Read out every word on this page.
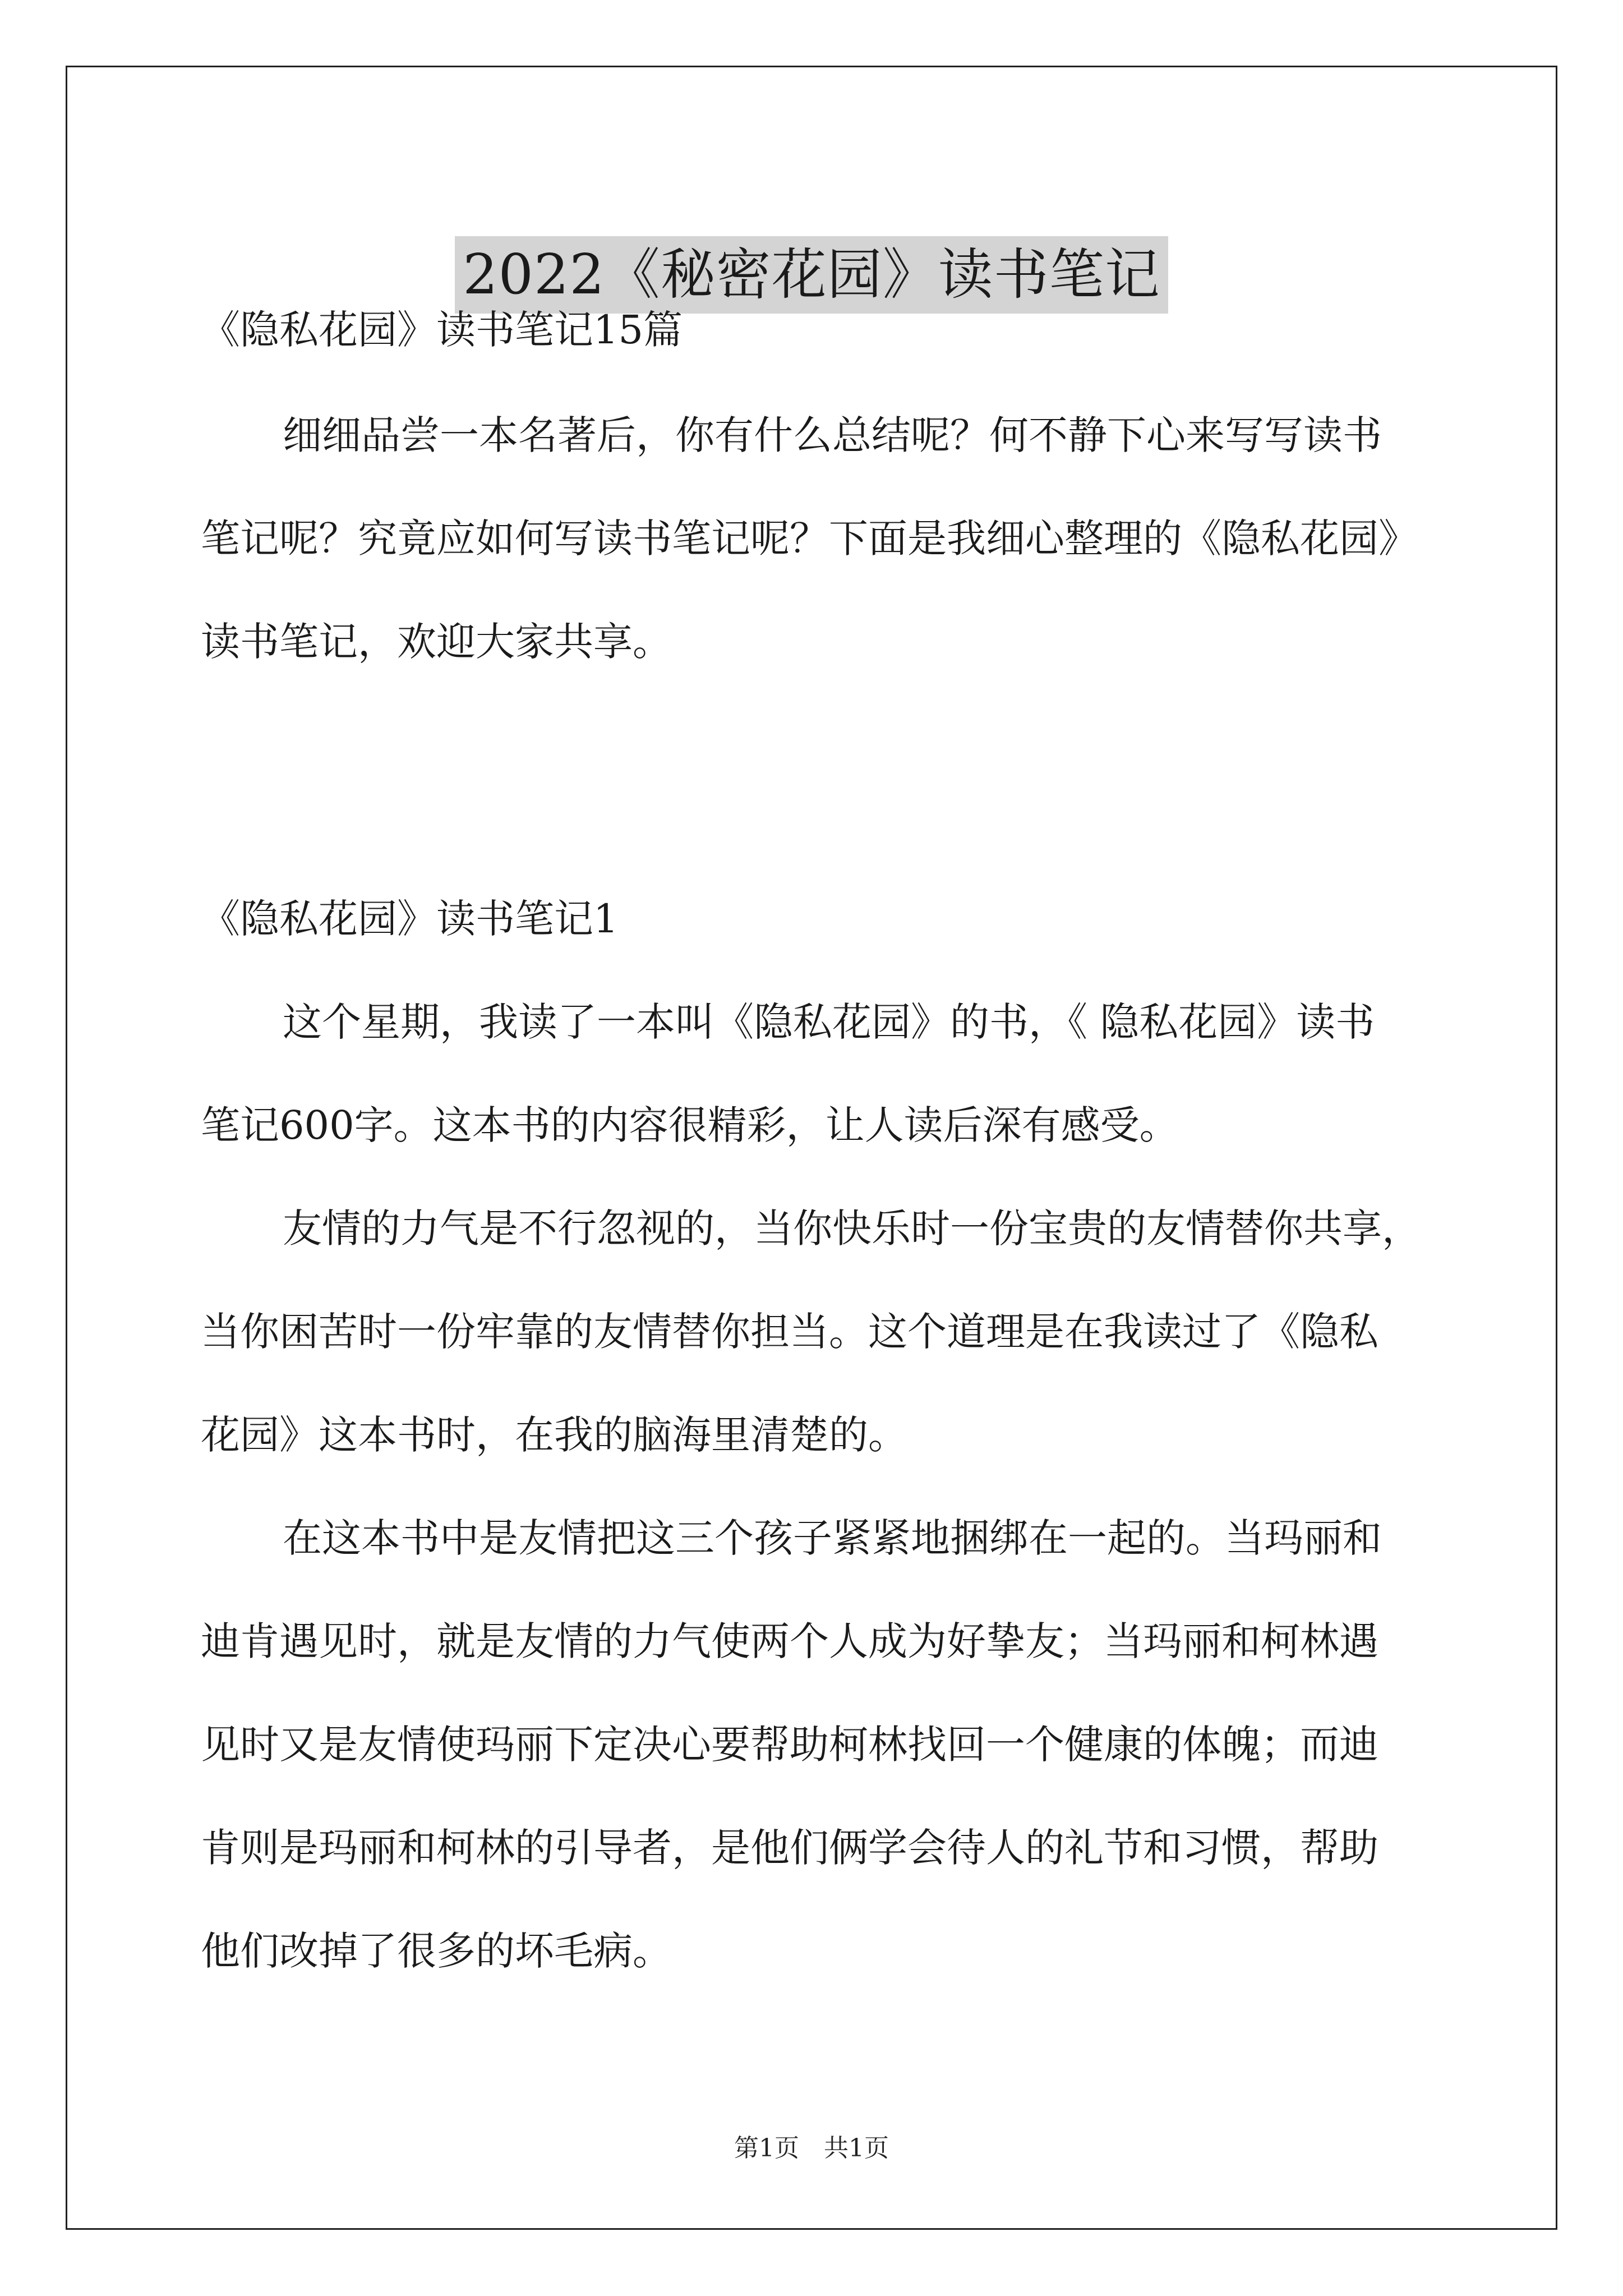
2022《秘密花园》读书笔记
《隐私花园》读书笔记15篇
细细品尝一本名著后，你有什么总结呢？何不静下心来写写读书
笔记呢？究竟应如何写读书笔记呢？下面是我细心整理的《隐私花园》
读书笔记，欢迎大家共享。
《隐私花园》读书笔记1
这个星期，我读了一本叫《隐私花园》的书，《 隐私花园》读书
笔记600字。这本书的内容很精彩，让人读后深有感受。
友情的力气是不行忽视的，当你快乐时一份宝贵的友情替你共享，
当你困苦时一份牢靠的友情替你担当。这个道理是在我读过了《隐私
花园》这本书时，在我的脑海里清楚的。
在这本书中是友情把这三个孩子紧紧地捆绑在一起的。当玛丽和
迪肯遇见时，就是友情的力气使两个人成为好挚友；当玛丽和柯林遇
见时又是友情使玛丽下定决心要帮助柯林找回一个健康的体魄；而迪
肯则是玛丽和柯林的引导者，是他们俩学会待人的礼节和习惯，帮助
他们改掉了很多的坏毛病。
第1页 共1页
